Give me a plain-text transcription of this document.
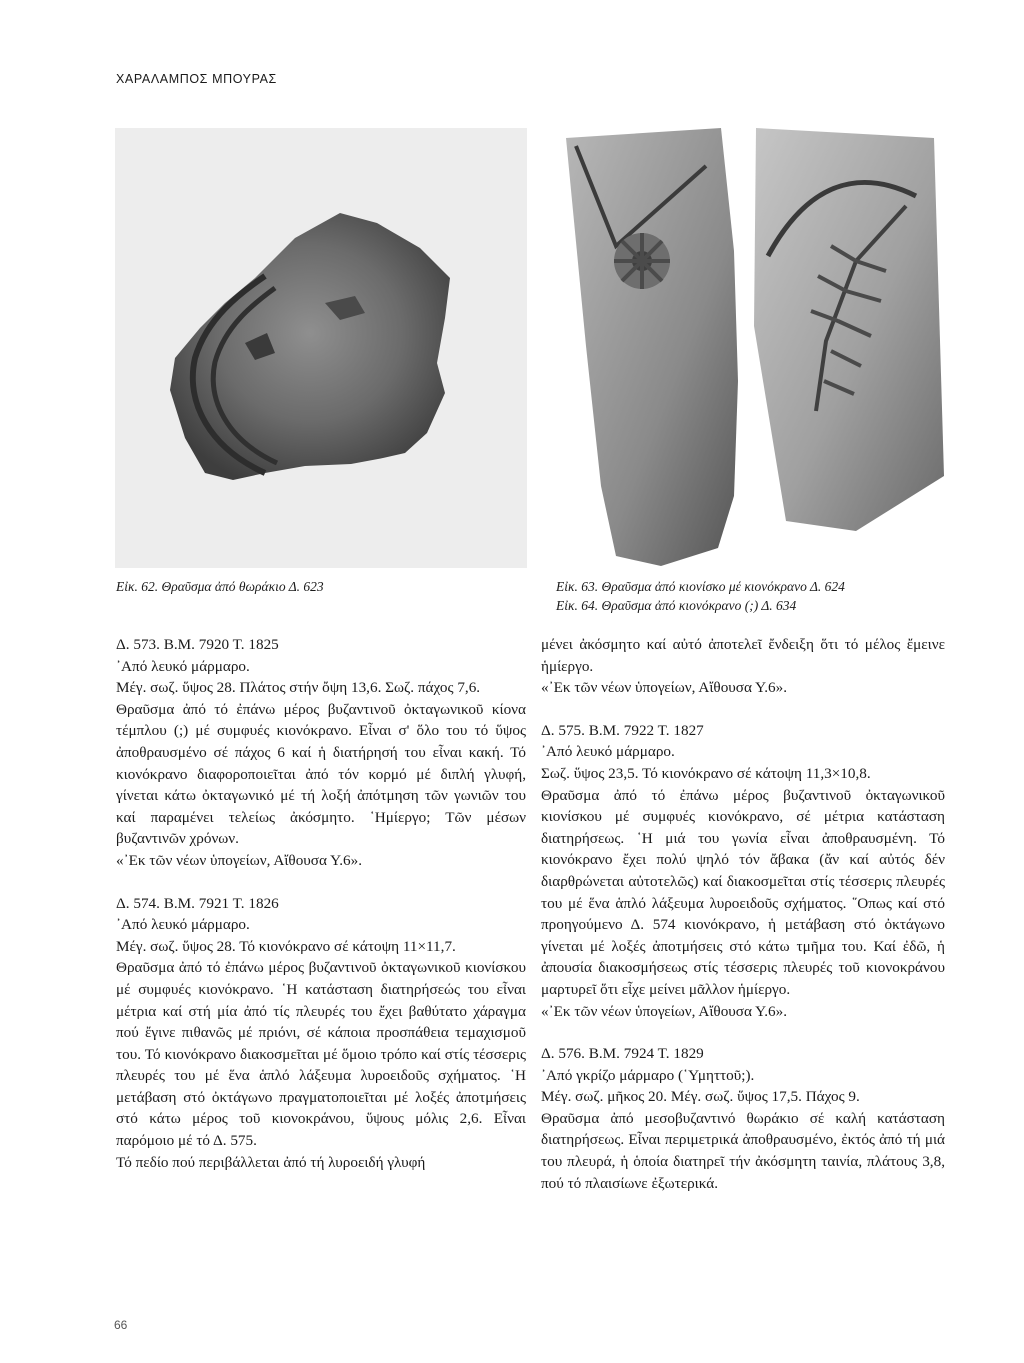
ΧΑΡΑΛΑΜΠΟΣ ΜΠΟΥΡΑΣ
Εἰκ. 62. Θραῦσμα ἀπό θωράκιο Δ. 623	Εἰκ. 63. Θραῦσμα ἀπό κιονίσκο μέ κιονόκρανο Δ. 624
Εἰκ. 64. Θραῦσμα ἀπό κιονόκρανο (;) Δ. 634

Δ. 573. Β.Μ. 7920 Τ. 1825

᾿Από λευκό μάρμαρο.

Μέγ. σωζ. ὕψος 28. Πλάτος στήν ὄψη 13,6. Σωζ. πάχος 7,6.

Θραῦσμα ἀπό τό ἐπάνω μέρος βυζαντινοῦ ὀκταγωνικοῦ κίονα τέμπλου (;) μέ συμφυές κιονόκρανο. Εἶναι σ' ὅλο του τό ὕψος ἀποθραυσμένο σέ πάχος 6 καί ἡ διατήρησή του εἶναι κακή. Τό κιονόκρανο διαφοροποιεῖται ἀπό τόν κορμό μέ διπλή γλυφή, γίνεται κάτω ὀκταγωνικό μέ τή λοξή ἀπότμηση τῶν γωνιῶν του καί παραμένει τελείως ἀκόσμητο. ῾Ημίεργο; Τῶν μέσων βυζαντινῶν χρόνων.

«᾿Εκ τῶν νέων ὑπογείων, Αἴθουσα Υ.6».

Δ. 574. Β.Μ. 7921 Τ. 1826

᾿Από λευκό μάρμαρο.

Μέγ. σωζ. ὕψος 28. Τό κιονόκρανο σέ κάτοψη 11×11,7.

Θραῦσμα ἀπό τό ἐπάνω μέρος βυζαντινοῦ ὀκταγωνικοῦ κιονίσκου μέ συμφυές κιονόκρανο. ῾Η κατάσταση διατηρήσεώς του εἶναι μέτρια καί στή μία ἀπό τίς πλευρές του ἔχει βαθύτατο χάραγμα πού ἔγινε πιθανῶς μέ πριόνι, σέ κάποια προσπάθεια τεμαχισμοῦ του. Τό κιονόκρανο διακοσμεῖται μέ ὅμοιο τρόπο καί στίς τέσσερις πλευρές του μέ ἕνα ἁπλό λάξευμα λυροειδοῦς σχήματος. ῾Η μετάβαση στό ὀκτάγωνο πραγματοποιεῖται μέ λοξές ἀποτμήσεις στό κάτω μέρος τοῦ κιονοκράνου, ὕψους μόλις 2,6. Εἶναι παρόμοιο μέ τό Δ. 575.

Τό πεδίο πού περιβάλλεται ἀπό τή λυροειδή γλυφή

μένει ἀκόσμητο καί αὐτό ἀποτελεῖ ἔνδειξη ὅτι τό μέλος ἔμεινε ἡμίεργο.

«᾿Εκ τῶν νέων ὑπογείων, Αἴθουσα Υ.6».

Δ. 575. Β.Μ. 7922 Τ. 1827

᾿Από λευκό μάρμαρο.

Σωζ. ὕψος 23,5. Τό κιονόκρανο σέ κάτοψη 11,3×10,8.

Θραῦσμα ἀπό τό ἐπάνω μέρος βυζαντινοῦ ὀκταγωνικοῦ κιονίσκου μέ συμφυές κιονόκρανο, σέ μέτρια κατάσταση διατηρήσεως. ῾Η μιά του γωνία εἶναι ἀποθραυσμένη. Τό κιονόκρανο ἔχει πολύ ψηλό τόν ἄβακα (ἄν καί αὐτός δέν διαρθρώνεται αὐτοτελῶς) καί διακοσμεῖται στίς τέσσερις πλευρές του μέ ἕνα ἁπλό λάξευμα λυροειδοῦς σχήματος. ῞Οπως καί στό προηγούμενο Δ. 574 κιονόκρανο, ἡ μετάβαση στό ὀκτάγωνο γίνεται μέ λοξές ἀποτμήσεις στό κάτω τμῆμα του. Καί ἐδῶ, ἡ ἀπουσία διακοσμήσεως στίς τέσσερις πλευρές τοῦ κιονοκράνου μαρτυρεῖ ὅτι εἶχε μείνει μᾶλλον ἡμίεργο.

«᾿Εκ τῶν νέων ὑπογείων, Αἴθουσα Υ.6».

Δ. 576. Β.Μ. 7924 Τ. 1829

᾿Από γκρίζο μάρμαρο (῾Υμηττοῦ;).

Μέγ. σωζ. μῆκος 20. Μέγ. σωζ. ὕψος 17,5. Πάχος 9.

Θραῦσμα ἀπό μεσοβυζαντινό θωράκιο σέ καλή κατάσταση διατηρήσεως. Εἶναι περιμετρικά ἀποθραυσμένο, ἐκτός ἀπό τή μιά του πλευρά, ἡ ὁποία διατηρεῖ τήν ἀκόσμητη ταινία, πλάτους 3,8, πού τό πλαισίωνε ἐξωτερικά.

66
